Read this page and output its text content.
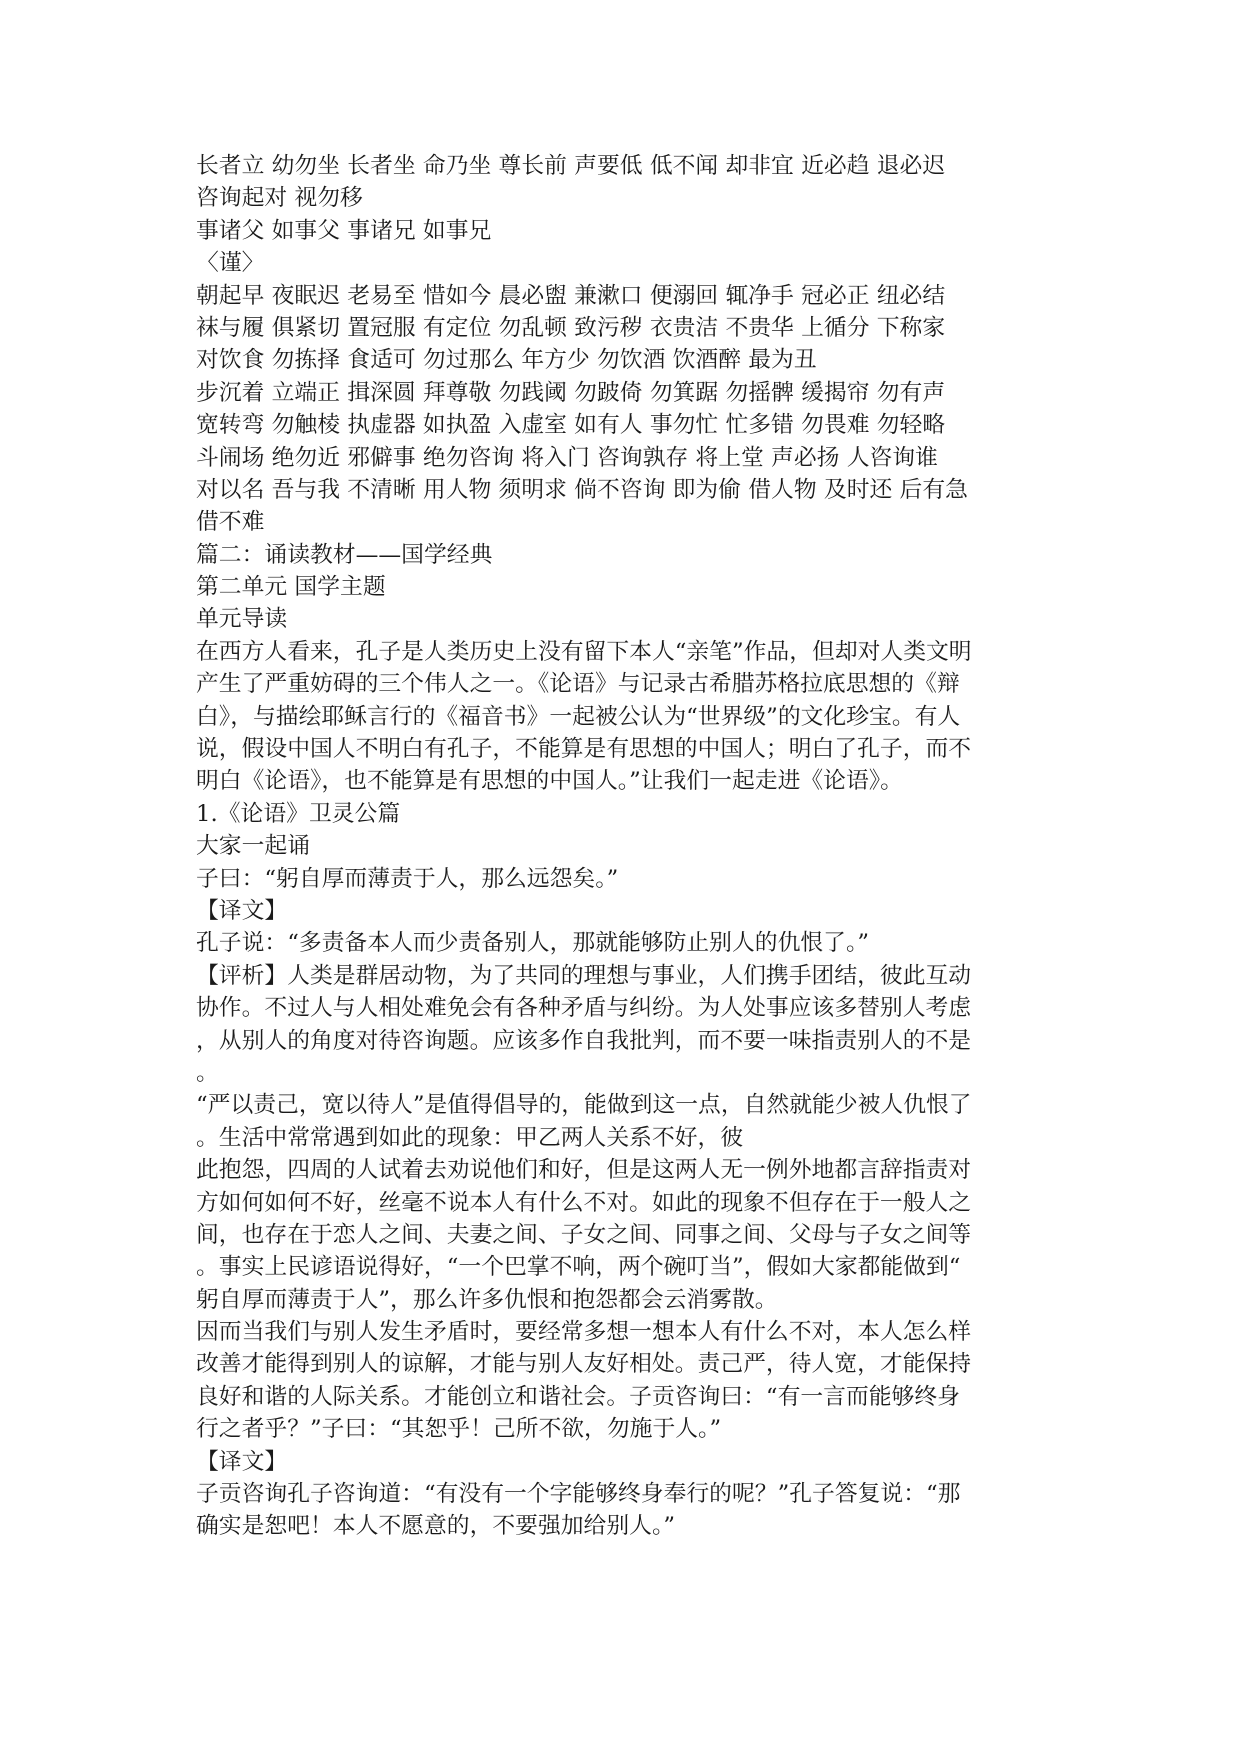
长者立 幼勿坐 长者坐 命乃坐 尊长前 声要低 低不闻 却非宜 近必趋 退必迟
咨询起对 视勿移
事诸父 如事父 事诸兄 如事兄
〈谨〉
朝起早 夜眠迟 老易至 惜如今 晨必盥 兼漱口 便溺回 辄净手 冠必正 纽必结
袜与履 俱紧切 置冠服 有定位 勿乱顿 致污秽 衣贵洁 不贵华 上循分 下称家
对饮食 勿拣择 食适可 勿过那么 年方少 勿饮酒 饮酒醉 最为丑
步沉着 立端正 揖深圆 拜尊敬 勿践阈 勿跛倚 勿箕踞 勿摇髀 缓揭帘 勿有声
宽转弯 勿触棱 执虚器 如执盈 入虚室 如有人 事勿忙 忙多错 勿畏难 勿轻略
斗闹场 绝勿近 邪僻事 绝勿咨询 将入门 咨询孰存 将上堂 声必扬 人咨询谁
对以名 吾与我 不清晰 用人物 须明求 倘不咨询 即为偷 借人物 及时还 后有急
借不难
篇二：诵读教材——国学经典
第二单元 国学主题
单元导读
在西方人看来，孔子是人类历史上没有留下本人“亲笔”作品，但却对人类文明
产生了严重妨碍的三个伟人之一。《论语》与记录古希腊苏格拉底思想的《辩
白》，与描绘耶稣言行的《福音书》一起被公认为“世界级”的文化珍宝。有人
说，假设中国人不明白有孔子，不能算是有思想的中国人；明白了孔子，而不
明白《论语》，也不能算是有思想的中国人。”让我们一起走进《论语》。
1.《论语》卫灵公篇
大家一起诵
子曰：“躬自厚而薄责于人，那么远怨矣。”
【译文】
孔子说：“多责备本人而少责备别人，那就能够防止别人的仇恨了。”
【评析】人类是群居动物，为了共同的理想与事业，人们携手团结，彼此互动
协作。不过人与人相处难免会有各种矛盾与纠纷。为人处事应该多替别人考虑
，从别人的角度对待咨询题。应该多作自我批判，而不要一味指责别人的不是
。
“严以责己，宽以待人”是值得倡导的，能做到这一点，自然就能少被人仇恨了
。生活中常常遇到如此的现象：甲乙两人关系不好，彼
此抱怨，四周的人试着去劝说他们和好，但是这两人无一例外地都言辞指责对
方如何如何不好，丝毫不说本人有什么不对。如此的现象不但存在于一般人之
间，也存在于恋人之间、夫妻之间、子女之间、同事之间、父母与子女之间等
。事实上民谚语说得好，“一个巴掌不响，两个碗叮当”，假如大家都能做到“
躬自厚而薄责于人”，那么许多仇恨和抱怨都会云消雾散。
因而当我们与别人发生矛盾时，要经常多想一想本人有什么不对，本人怎么样
改善才能得到别人的谅解，才能与别人友好相处。责己严，待人宽，才能保持
良好和谐的人际关系。才能创立和谐社会。子贡咨询曰：“有一言而能够终身
行之者乎？”子曰：“其恕乎！己所不欲，勿施于人。”
【译文】
子贡咨询孔子咨询道：“有没有一个字能够终身奉行的呢？”孔子答复说：“那
确实是恕吧！本人不愿意的，不要强加给别人。”
